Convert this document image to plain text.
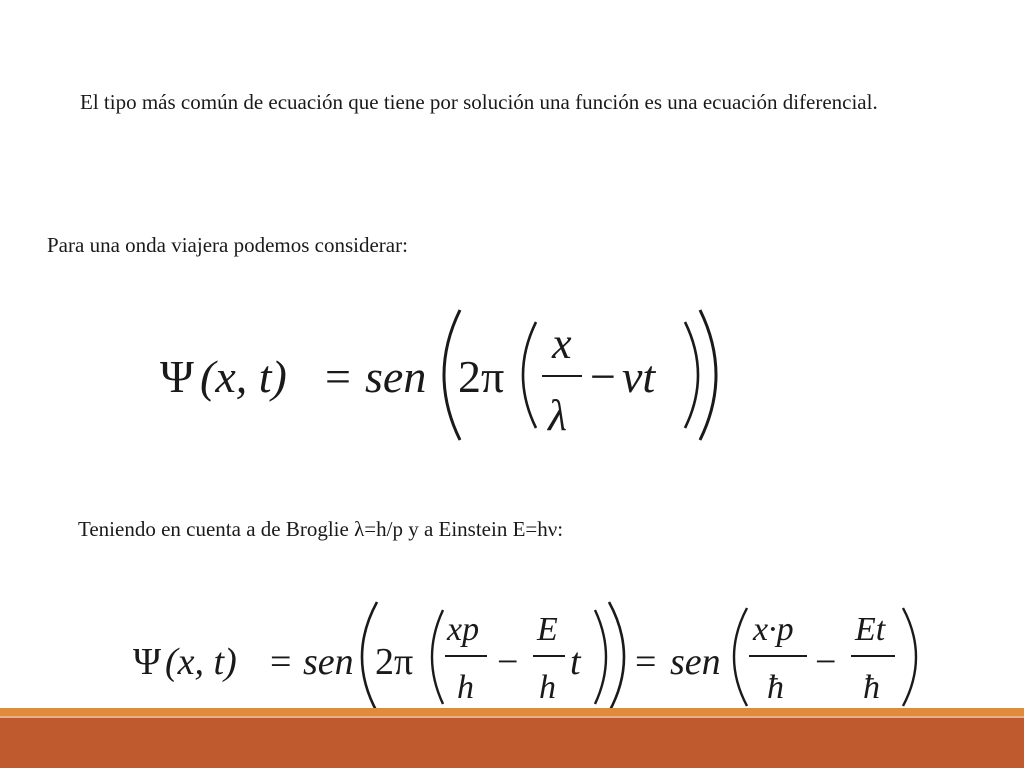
El tipo más común de ecuación que tiene por solución una función es una ecuación diferencial.

Para una onda viajera podemos considerar:

Teniendo en cuenta a de Broglie λ=h/p y a Einstein E=hν:

Ψ (x, t) = sen 2π
x
λ
− νt
Ψ (x, t) = sen 2π
xp
h
−
E
h
t = sen
x·p
ħ
−
Et
ħ
